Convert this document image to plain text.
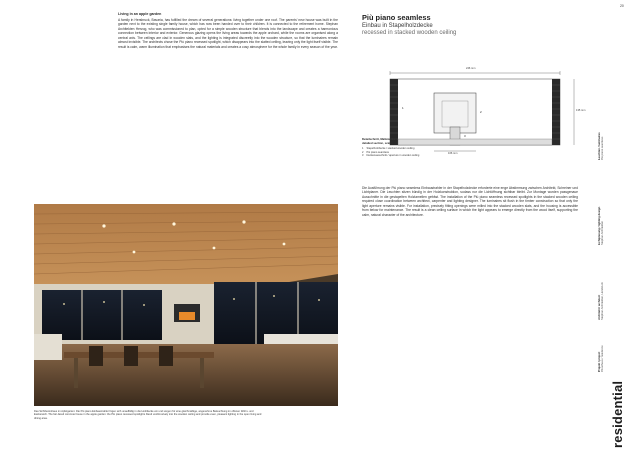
20
Living in an apple garden
A family in Hersbruck, Bavaria, has fulfilled the dream of several generations: living together under one roof. The parents' new house was built in the garden next to the existing single family house, which has now been handed over to their children. It is connected to the retirement home. Stephan Architekten Herzog, who was commissioned to plan, opted for a simple wooden structure that blends into the landscape and creates a harmonious connection between interior and exterior. Generous glazing opens the living areas towards the apple orchard, while the rooms are organised along a central axis. The ceilings are clad in wooden slats, and the lighting is integrated discreetly into the wooden structure, so that the luminaires remain almost invisible. The architects chose the Più piano recessed spotlight, which disappears into the slatted ceiling, leaving only the light itself visible. The result is calm, warm illumination that emphasises the natural materials and creates a cosy atmosphere for the whole family in every season of the year.
Das Sichtbetonhaus im Apfelgarten: Die Più piano Einbaustrahler fügen sich unauffällig in die Holzdecke ein und sorgen für eine gleichmäßige, angenehme Beleuchtung im offenen Wohn- und Essbereich. The fair-faced concrete house in the apple garden: the Più piano recessed spotlights blend unobtrusively into the wooden ceiling and provide even, pleasant lighting in the open living and dining area.
Più piano seamless
Einbau in Stapelholzdecke
recessed in stacked wooden ceiling
1
2
3
246 mm
135 mm
166 mm
Detailschnitt, Maßstab 1:4
detailed section, scale 1:4
1 Stapelholzdecke / stacked wooden ceiling
2 Più piano seamless
3 Deckenausschnitt / aperture in wooden ceiling
Die Ausführung der Più piano seamless Einbaustrahler in der Stapelholzdecke erforderte eine enge Abstimmung zwischen Architekt, Schreiner und Lichtplaner. Die Leuchten sitzen bündig in der Holzkonstruktion, sodass nur die Lichtöffnung sichtbar bleibt. Zur Montage wurden passgenaue Ausschnitte in die gestapelten Holzlamellen gefräst. The installation of the Più piano seamless recessed spotlights in the stacked wooden ceiling required close coordination between architect, carpenter and lighting designer. The luminaires sit flush in the timber construction so that only the light aperture remains visible. For installation, precisely fitting openings were milled into the stacked wooden slats, and the housing is accessible from below for maintenance. The result is a clean ceiling surface in which the light appears to emerge directly from the wood itself, supporting the calm, natural character of the architecture.
Leuchten / luminaires Più piano seamless
Lichtplanung / lighting design Stephan Architekten
Architekt / architect Stephan Architekten, Hersbruck
Projekt / project Privathaus / residence
residential
